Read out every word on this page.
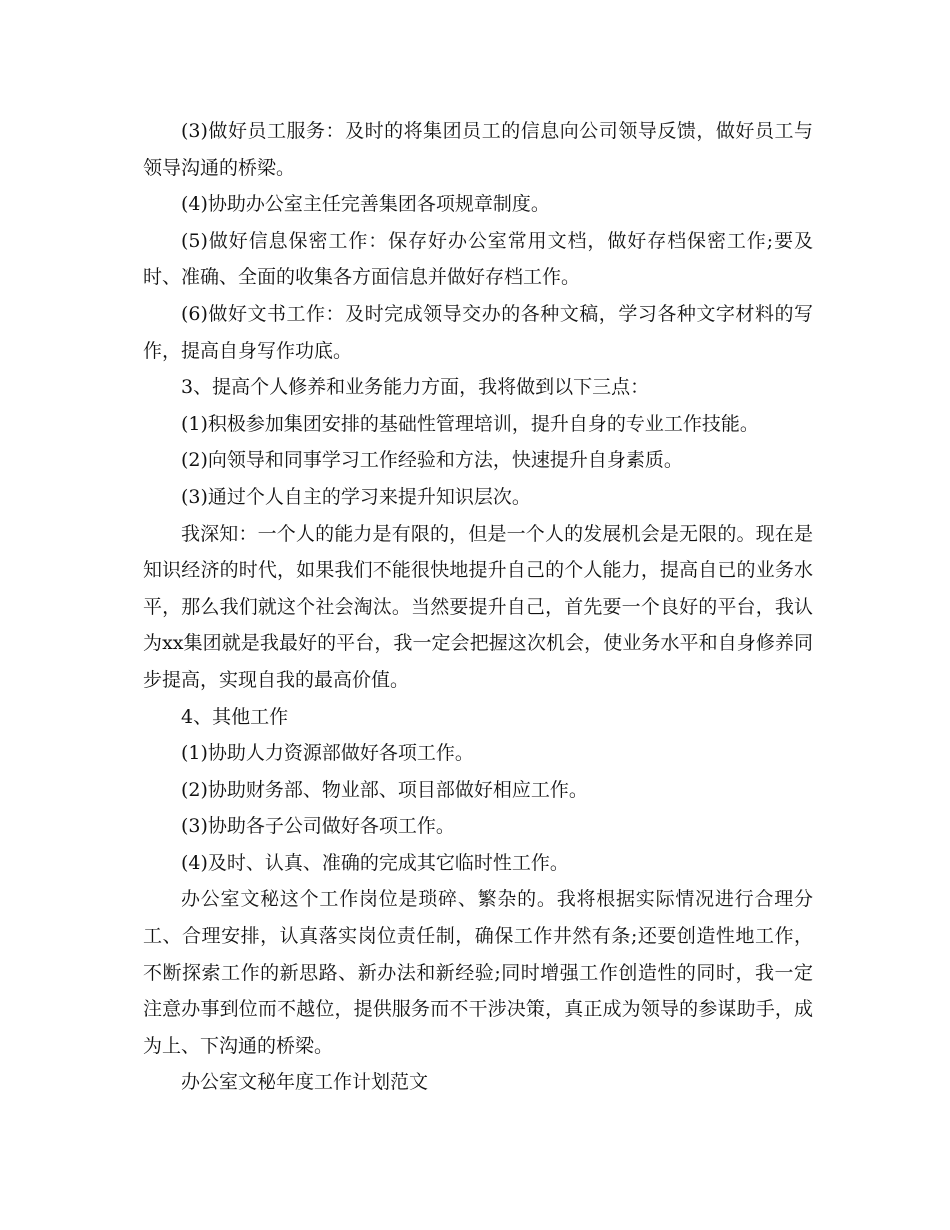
(3)做好员工服务：及时的将集团员工的信息向公司领导反馈，做好员工与领导沟通的桥梁。

(4)协助办公室主任完善集团各项规章制度。

(5)做好信息保密工作：保存好办公室常用文档，做好存档保密工作;要及时、准确、全面的收集各方面信息并做好存档工作。

(6)做好文书工作：及时完成领导交办的各种文稿，学习各种文字材料的写作，提高自身写作功底。

3、提高个人修养和业务能力方面，我将做到以下三点：

(1)积极参加集团安排的基础性管理培训，提升自身的专业工作技能。

(2)向领导和同事学习工作经验和方法，快速提升自身素质。

(3)通过个人自主的学习来提升知识层次。

我深知：一个人的能力是有限的，但是一个人的发展机会是无限的。现在是知识经济的时代，如果我们不能很快地提升自己的个人能力，提高自已的业务水平，那么我们就这个社会淘汰。当然要提升自己，首先要一个良好的平台，我认为xx集团就是我最好的平台，我一定会把握这次机会，使业务水平和自身修养同步提高，实现自我的最高价值。

4、其他工作

(1)协助人力资源部做好各项工作。

(2)协助财务部、物业部、项目部做好相应工作。

(3)协助各子公司做好各项工作。

(4)及时、认真、准确的完成其它临时性工作。

办公室文秘这个工作岗位是琐碎、繁杂的。我将根据实际情况进行合理分工、合理安排，认真落实岗位责任制，确保工作井然有条;还要创造性地工作，不断探索工作的新思路、新办法和新经验;同时增强工作创造性的同时，我一定注意办事到位而不越位，提供服务而不干涉决策，真正成为领导的参谋助手，成为上、下沟通的桥梁。

办公室文秘年度工作计划范文
